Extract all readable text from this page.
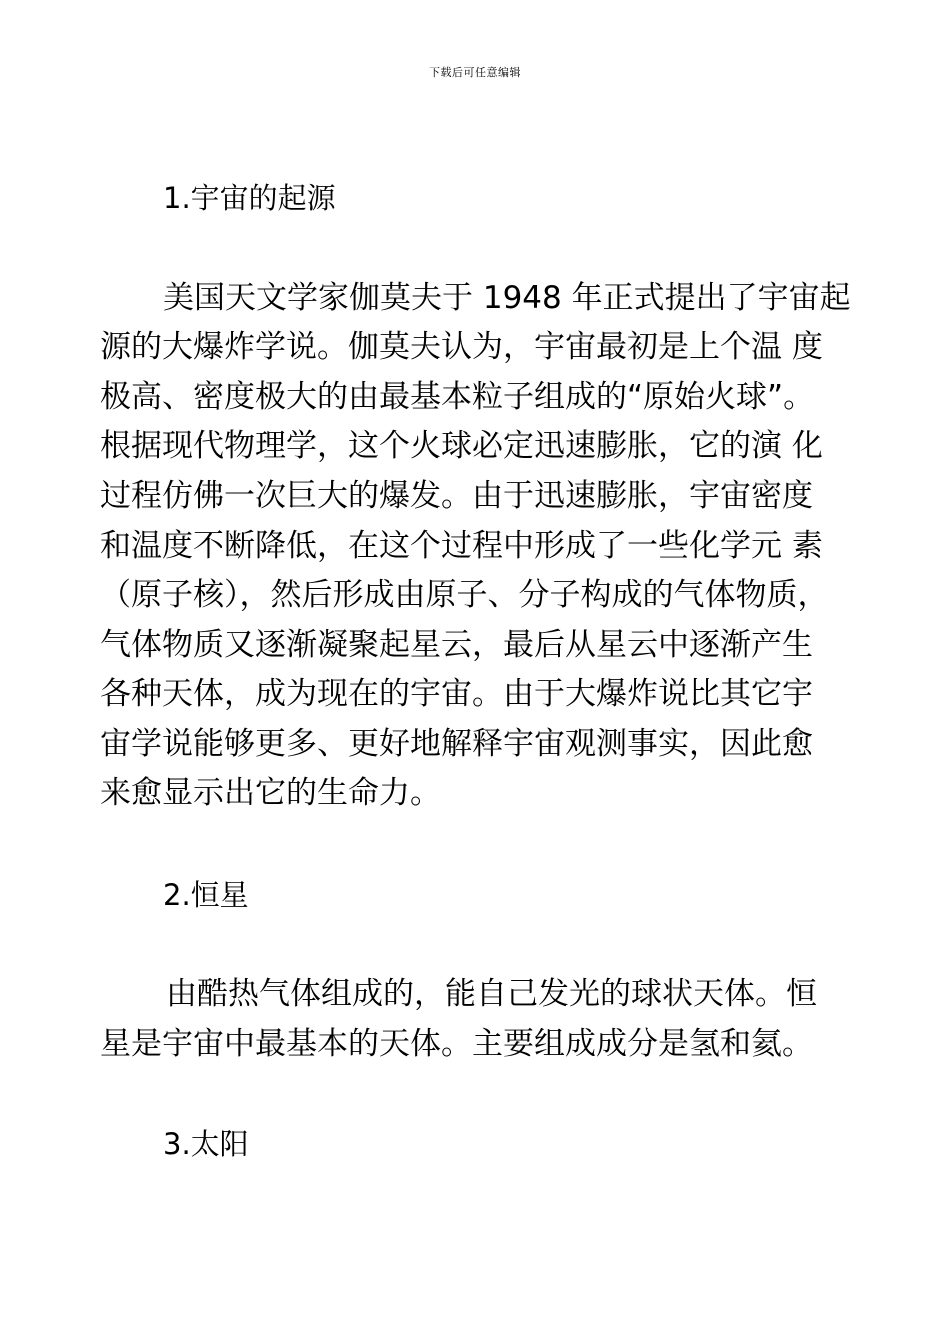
下载后可任意编辑
1.宇宙的起源
美国天文学家伽莫夫于 1948 年正式提出了宇宙起
源的大爆炸学说。伽莫夫认为，宇宙最初是上个温 度
极高、密度极大的由最基本粒子组成的“原始火球”。
根据现代物理学，这个火球必定迅速膨胀，它的演 化
过程仿佛一次巨大的爆发。由于迅速膨胀，宇宙密度
和温度不断降低，在这个过程中形成了一些化学元 素
（原子核），然后形成由原子、分子构成的气体物质，
气体物质又逐渐凝聚起星云，最后从星云中逐渐产生
各种天体，成为现在的宇宙。由于大爆炸说比其它宇
宙学说能够更多、更好地解释宇宙观测事实，因此愈
来愈显示出它的生命力。
2.恒星
由酷热气体组成的，能自己发光的球状天体。恒
星是宇宙中最基本的天体。主要组成成分是氢和氦。
3.太阳
